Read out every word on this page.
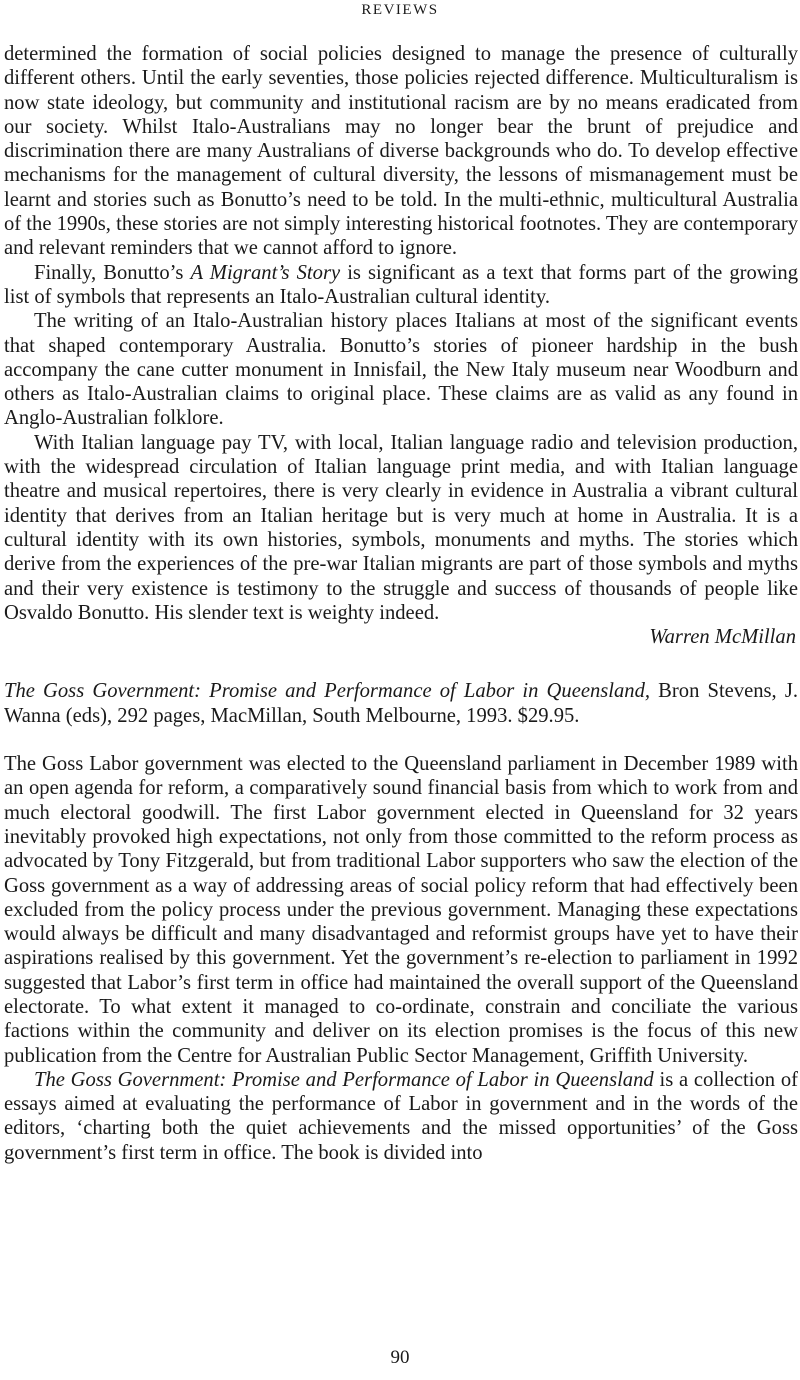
REVIEWS

determined the formation of social policies designed to manage the presence of culturally different others. Until the early seventies, those policies rejected difference. Multiculturalism is now state ideology, but community and institutional racism are by no means eradicated from our society. Whilst Italo-Australians may no longer bear the brunt of prejudice and discrimination there are many Australians of diverse backgrounds who do. To develop effective mechanisms for the management of cultural diversity, the lessons of mismanagement must be learnt and stories such as Bonutto’s need to be told. In the multi-ethnic, multicultural Australia of the 1990s, these stories are not simply interesting historical footnotes. They are contemporary and relevant reminders that we cannot afford to ignore.

Finally, Bonutto’s A Migrant’s Story is significant as a text that forms part of the growing list of symbols that represents an Italo-Australian cultural identity.

The writing of an Italo-Australian history places Italians at most of the significant events that shaped contemporary Australia. Bonutto’s stories of pioneer hardship in the bush accompany the cane cutter monument in Innisfail, the New Italy museum near Woodburn and others as Italo-Australian claims to original place. These claims are as valid as any found in Anglo-Australian folklore.

With Italian language pay TV, with local, Italian language radio and television production, with the widespread circulation of Italian language print media, and with Italian language theatre and musical repertoires, there is very clearly in evidence in Australia a vibrant cultural identity that derives from an Italian heritage but is very much at home in Australia. It is a cultural identity with its own histories, symbols, monuments and myths. The stories which derive from the experiences of the pre-war Italian migrants are part of those symbols and myths and their very existence is testimony to the struggle and success of thousands of people like Osvaldo Bonutto. His slender text is weighty indeed.

Warren McMillan

The Goss Government: Promise and Performance of Labor in Queensland, Bron Stevens, J. Wanna (eds), 292 pages, MacMillan, South Melbourne, 1993. $29.95.

The Goss Labor government was elected to the Queensland parliament in December 1989 with an open agenda for reform, a comparatively sound financial basis from which to work from and much electoral goodwill. The first Labor government elected in Queensland for 32 years inevitably provoked high expectations, not only from those committed to the reform process as advocated by Tony Fitzgerald, but from traditional Labor supporters who saw the election of the Goss government as a way of addressing areas of social policy reform that had effectively been excluded from the policy process under the previous government. Managing these expectations would always be difficult and many disadvantaged and reformist groups have yet to have their aspirations realised by this government. Yet the government’s re-election to parliament in 1992 suggested that Labor’s first term in office had maintained the overall support of the Queensland electorate. To what extent it managed to co-ordinate, constrain and conciliate the various factions within the community and deliver on its election promises is the focus of this new publication from the Centre for Australian Public Sector Management, Griffith University.

The Goss Government: Promise and Performance of Labor in Queensland is a collection of essays aimed at evaluating the performance of Labor in government and in the words of the editors, ‘charting both the quiet achievements and the missed opportunities’ of the Goss government’s first term in office. The book is divided into

90
